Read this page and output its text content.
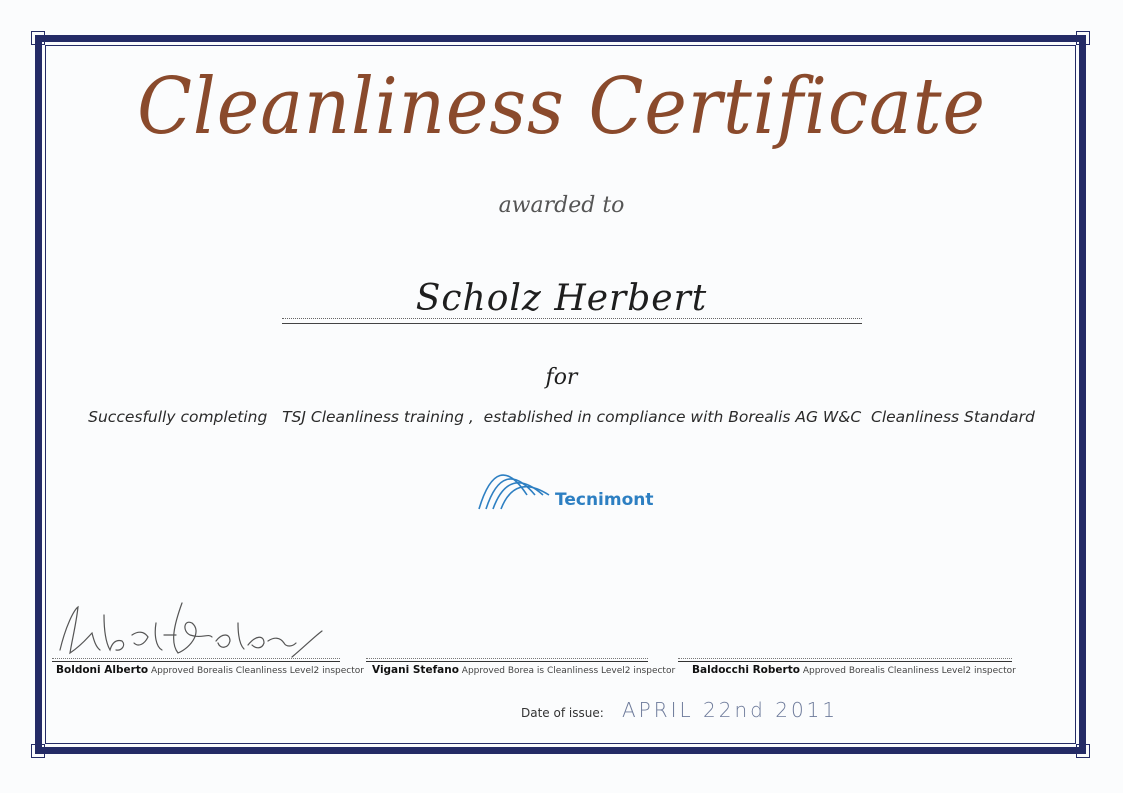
Cleanliness Certificate
awarded to
Scholz Herbert
for
Succesfully completing   TSJ Cleanliness training ,  established in compliance with Borealis AG W&C  Cleanliness Standard
Tecnimont
Boldoni Alberto Approved Borealis Cleanliness Level2 inspector Vigani Stefano Approved Borea is Cleanliness Level2 inspector Baldocchi Roberto Approved Borealis Cleanliness Level2 inspector
Date of issue: APRIL 22nd 2011
